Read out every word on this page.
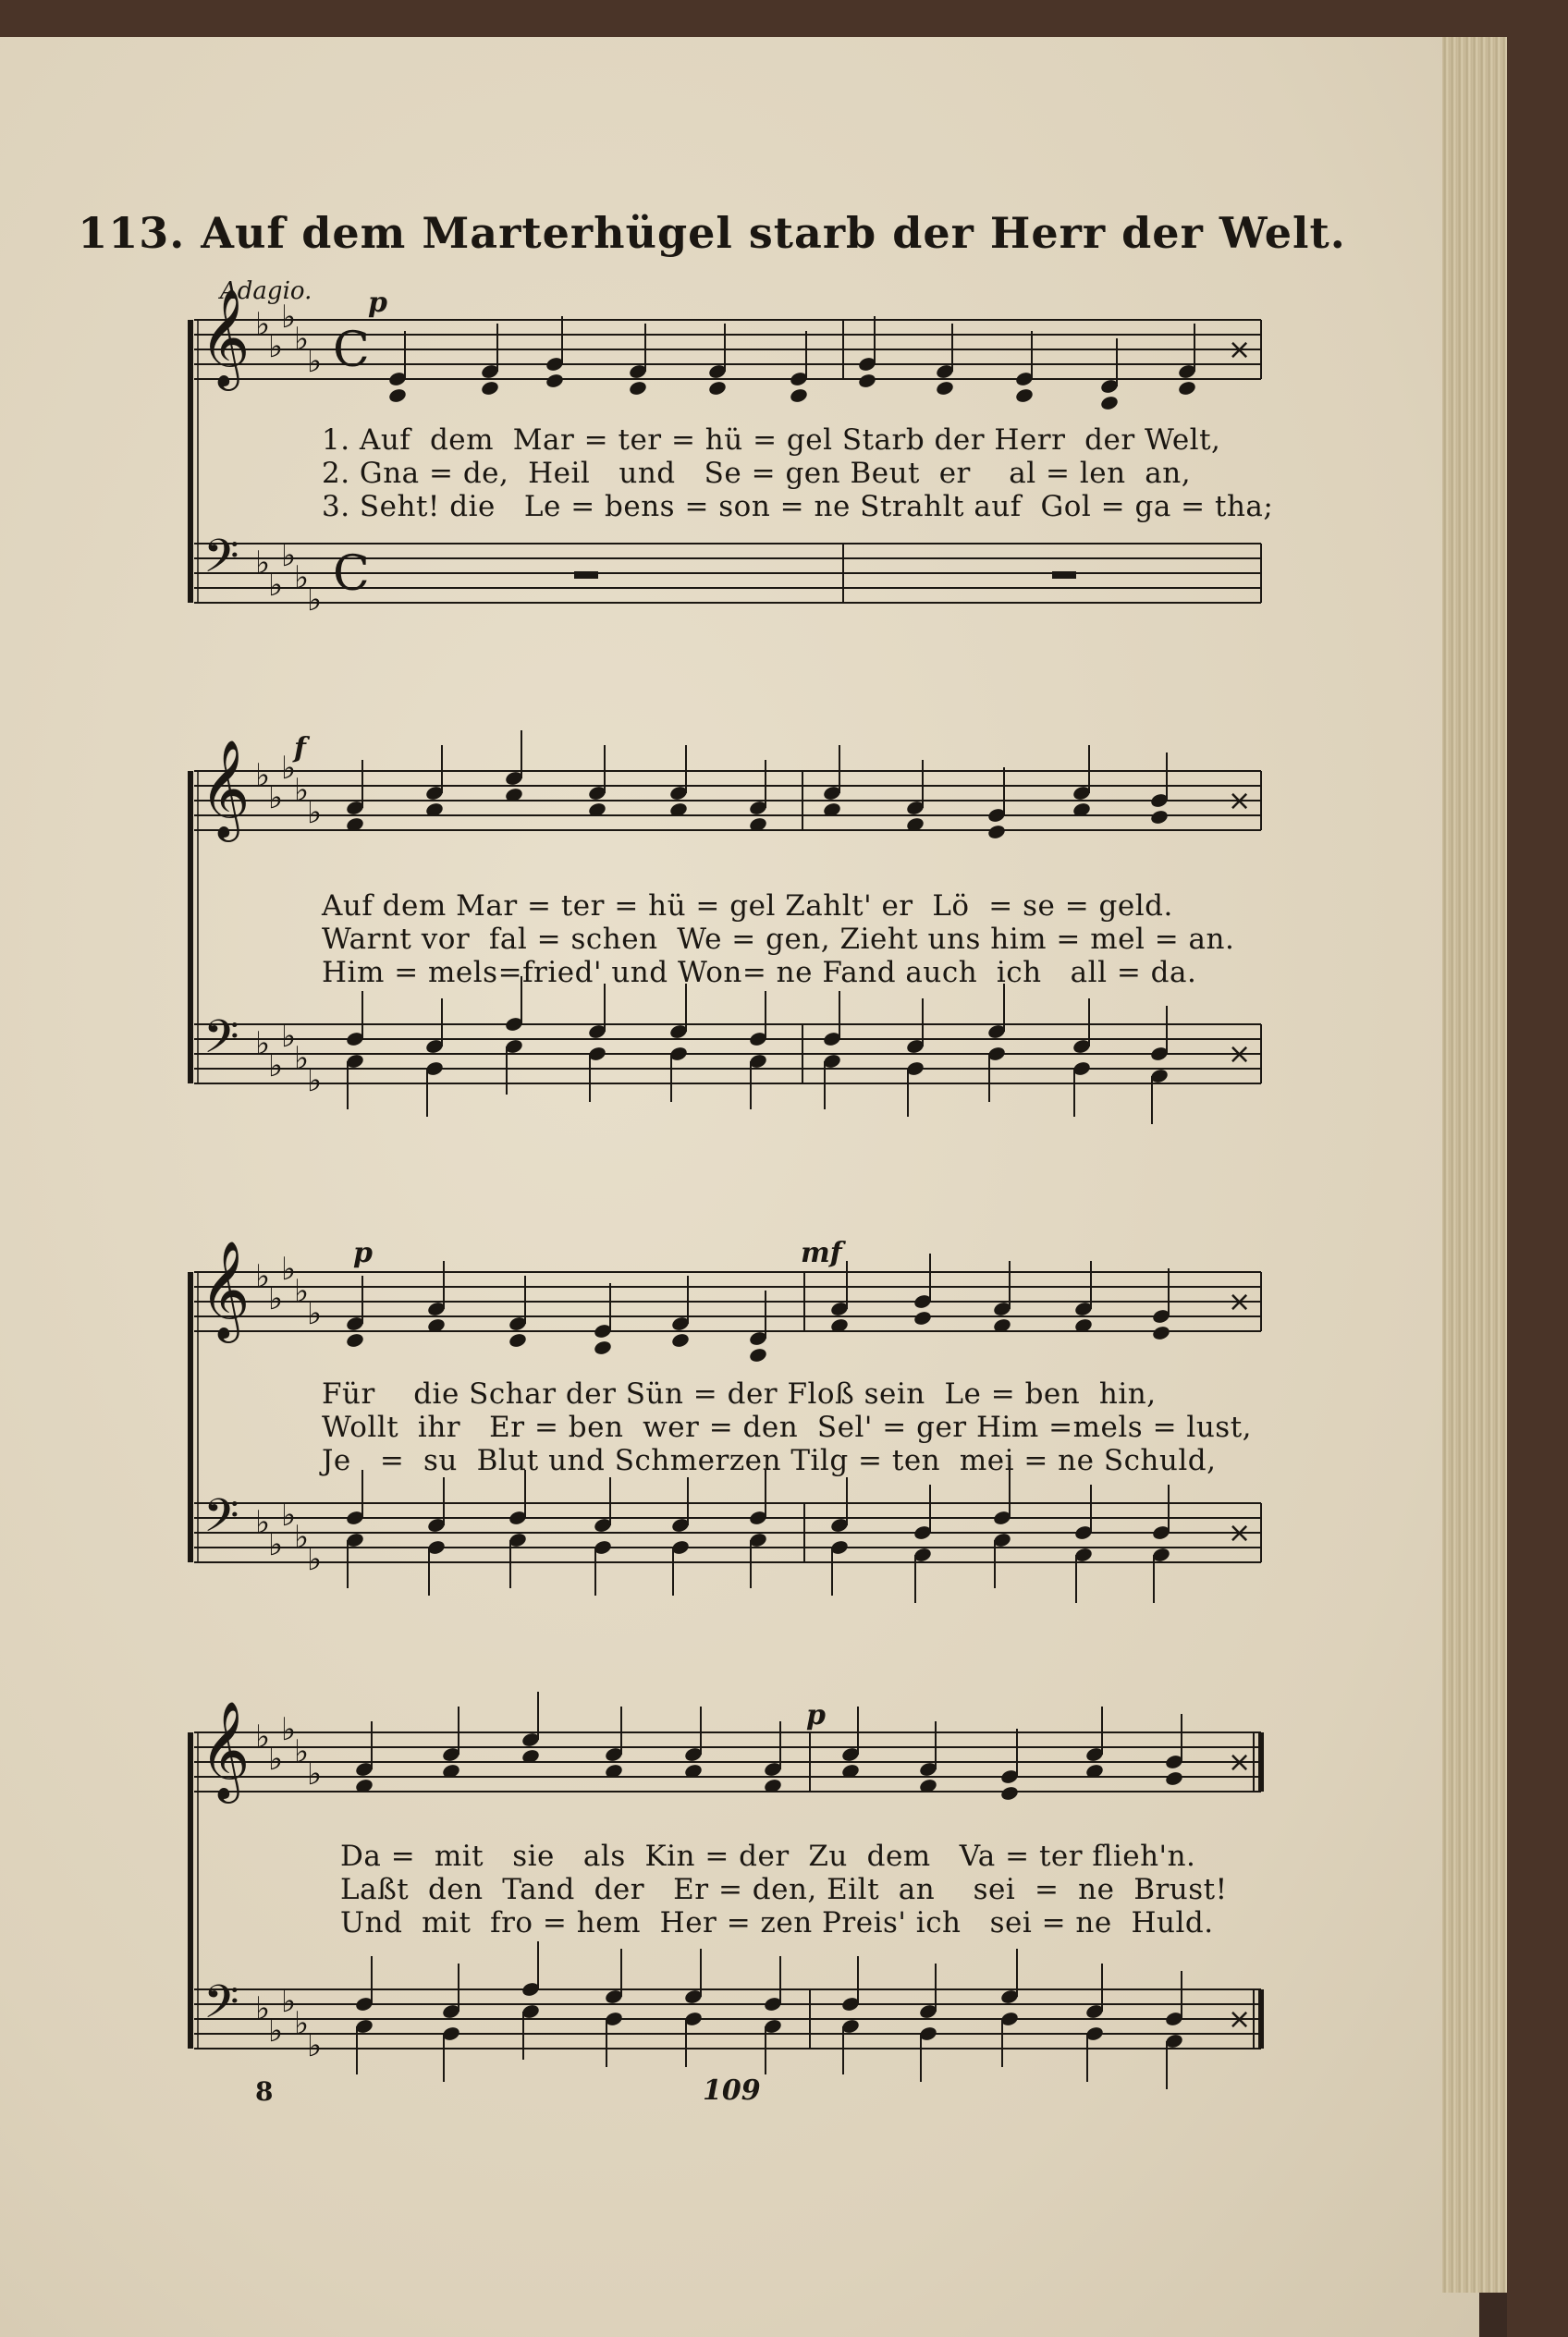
113. Auf dem Marterhügel starb der Herr der Welt.
Adagio. p
f
p	mf
p
1. Auf  dem  Mar = ter = hü = gel Starb der Herr  der Welt,
2. Gna = de,  Heil   und   Se = gen Beut  er    al = len  an,
3. Seht! die   Le = bens = son = ne Strahlt auf  Gol = ga = tha;
Auf dem Mar = ter = hü = gel Zahlt' er  Lö  = se = geld.
Warnt vor  fal = schen  We = gen, Zieht uns him = mel = an.
Him = mels=fried' und Won= ne Fand auch  ich   all = da.
Für    die Schar der Sün = der Floß sein  Le = ben  hin,
Wollt  ihr   Er = ben  wer = den  Sel' = ger Him =mels = lust,
Je   =  su  Blut und Schmerzen Tilg = ten  mei = ne Schuld,
Da =  mit   sie   als  Kin = der  Zu  dem   Va = ter flieh'n.
Laßt  den  Tand  der   Er = den, Eilt  an    sei  =  ne  Brust!
Und  mit  fro = hem  Her = zen Preis' ich   sei = ne  Huld.
8	109
𝄞 ♭
♭
♭
♭
♭
𝄢 ♭
♭
♭
♭
♭
C
C
×
𝄞 ♭
♭
♭
♭
♭
𝄢 ♭
♭
♭
♭
♭
×
×
𝄞 ♭
♭
♭
♭
♭
𝄢 ♭
♭
♭
♭
♭
×
×
𝄞 ♭
♭
♭
♭
♭
𝄢 ♭
♭
♭
♭
♭
×
×
